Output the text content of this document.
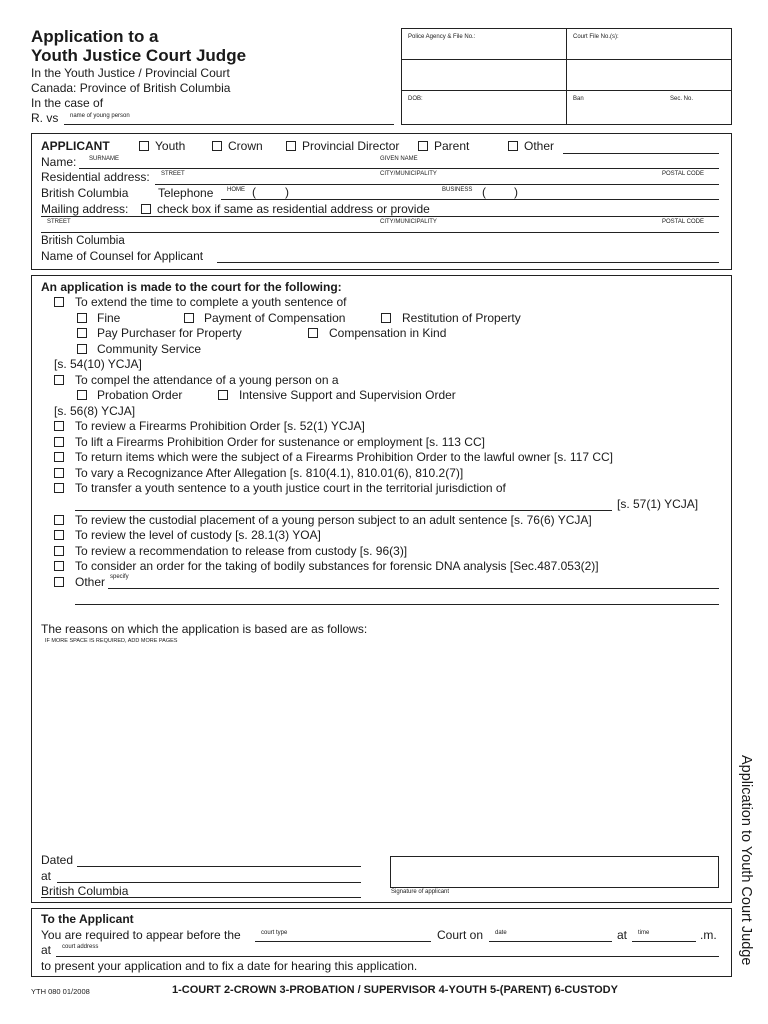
Application to a
Youth Justice Court Judge
In the Youth Justice / Provincial Court
Canada: Province of British Columbia
In the case of
R. vs name of young person
Police Agency & File No.:	Court File No.(s):
DOB:	Ban	Sec. No.
APPLICANT	Youth	Crown	Provincial Director	Parent	Other
Name: SURNAME	GIVEN NAME
Residential address: STREET	CITY/MUNICIPALITY	POSTAL CODE
British Columbia Telephone HOME ( )	BUSINESS ( )
Mailing address: check box if same as residential address or provide
STREET	CITY/MUNICIPALITY	POSTAL CODE
British Columbia
Name of Counsel for Applicant
An application is made to the court for the following:
To extend the time to complete a youth sentence of
Fine	Payment of Compensation	Restitution of Property
Pay Purchaser for Property	Compensation in Kind
Community Service
[s. 54(10) YCJA]
To compel the attendance of a young person on a
Probation Order	Intensive Support and Supervision Order
[s. 56(8) YCJA]
To review a Firearms Prohibition Order [s. 52(1) YCJA]
To lift a Firearms Prohibition Order for sustenance or employment [s. 113 CC]
To return items which were the subject of a Firearms Prohibition Order to the lawful owner [s. 117 CC]
To vary a Recognizance After Allegation [s. 810(4.1), 810.01(6), 810.2(7)]
To transfer a youth sentence to a youth justice court in the territorial jurisdiction of
[s. 57(1) YCJA]
To review the custodial placement of a young person subject to an adult sentence [s. 76(6) YCJA]
To review the level of custody [s. 28.1(3) YOA]
To review a recommendation to release from custody [s. 96(3)]
To consider an order for the taking of bodily substances for forensic DNA analysis [Sec.487.053(2)]
Other specify
The reasons on which the application is based are as follows:
IF MORE SPACE IS REQUIRED, ADD MORE PAGES
Dated
at
British Columbia	Signature of applicant
To the Applicant
You are required to appear before the	court type	Court on date	at time	.m.
at court address
to present your application and to fix a date for hearing this application.
YTH 080 01/2008	1-COURT 2-CROWN 3-PROBATION / SUPERVISOR 4-YOUTH 5-(PARENT) 6-CUSTODY
Application to Youth Court Judge
